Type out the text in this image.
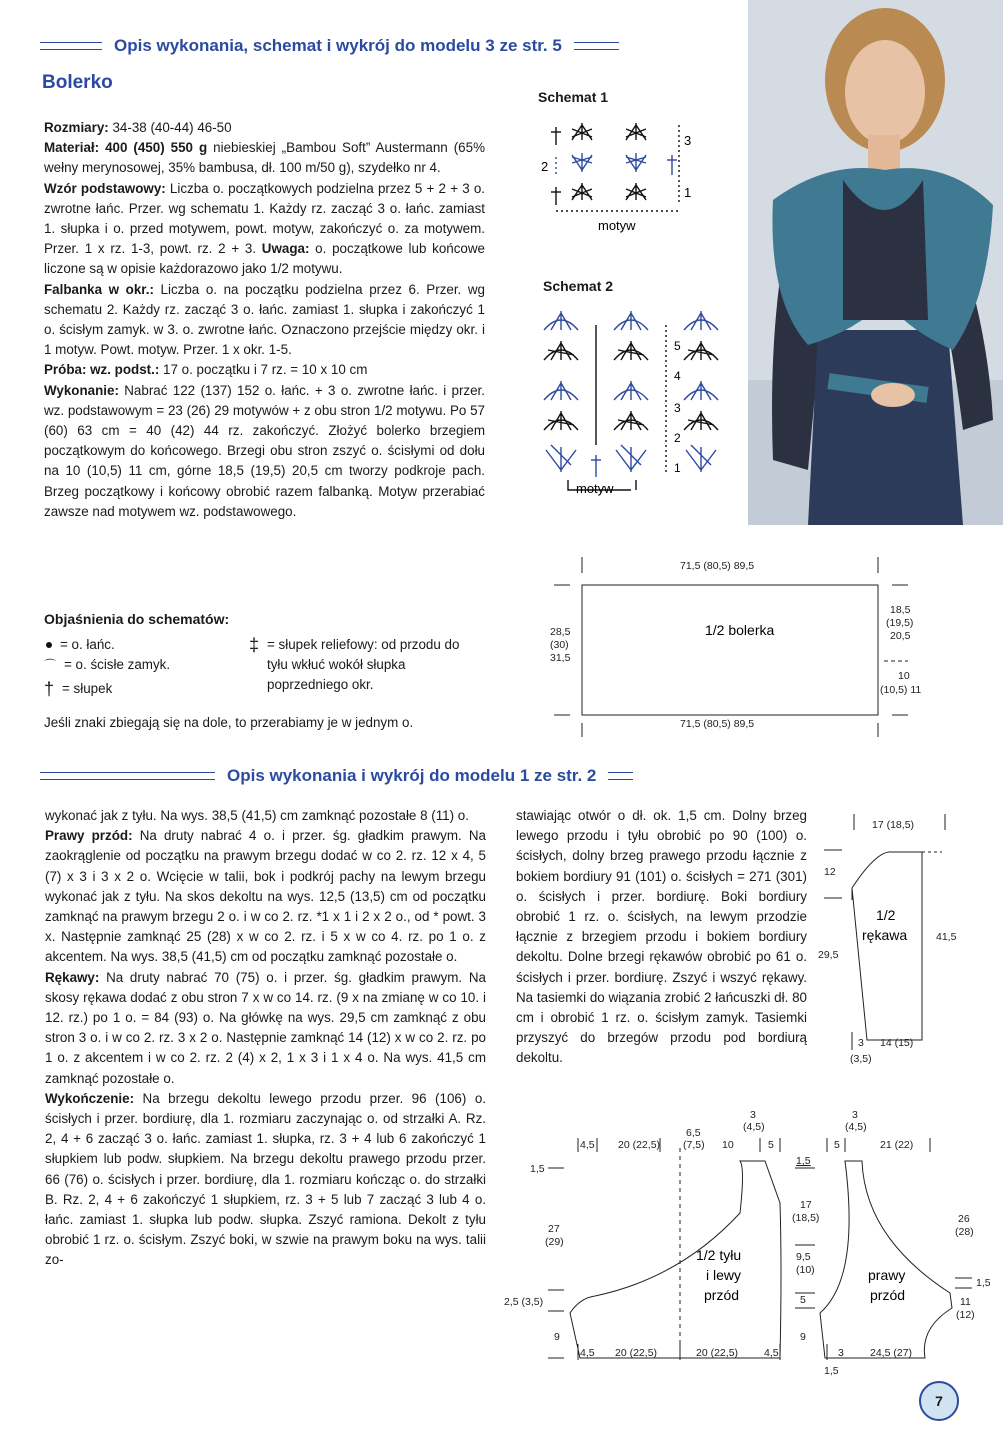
Opis wykonania, schemat i wykrój do modelu 3 ze str. 5
Bolerko

Rozmiary: 34-38 (40-44) 46-50

Materiał: 400 (450) 550 g niebieskiej „Bambou Soft” Austermann (65% wełny merynosowej, 35% bambusa, dł. 100 m/50 g), szydełko nr 4.

Wzór podstawowy: Liczba o. początkowych podzielna przez 5 + 2 + 3 o. zwrotne łańc. Przer. wg schematu 1. Każdy rz. zacząć 3 o. łańc. zamiast 1. słupka i o. przed motywem, powt. motyw, zakończyć o. za motywem. Przer. 1 x rz. 1-3, powt. rz. 2 + 3. Uwaga: o. początkowe lub końcowe liczone są w opisie każdorazowo jako 1/2 motywu.

Falbanka w okr.: Liczba o. na początku podzielna przez 6. Przer. wg schematu 2. Każdy rz. zacząć 3 o. łańc. zamiast 1. słupka i zakończyć 1 o. ścisłym zamyk. w 3. o. zwrotne łańc. Oznaczono przejście między okr. i 1 motyw. Powt. motyw. Przer. 1 x okr. 1-5.

Próba: wz. podst.: 17 o. początku i 7 rz. = 10 x 10 cm

Wykonanie: Nabrać 122 (137) 152 o. łańc. + 3 o. zwrotne łańc. i przer. wz. podstawowym = 23 (26) 29 motywów + z obu stron 1/2 motywu. Po 57 (60) 63 cm = 40 (42) 44 rz. zakończyć. Złożyć bolerko brzegiem początkowym do końcowego. Brzegi obu stron zszyć o. ścisłymi od dołu na 10 (10,5) 11 cm, górne 18,5 (19,5) 20,5 cm tworzy podkroje pach. Brzeg początkowy i końcowy obrobić razem falbanką. Motyw przerabiać zawsze nad motywem wz. podstawowego.

Objaśnienia do schematów:
= o. łańc.
⌒ = o. ścisłe zamyk.
† = słupek
‡ = słupek reliefowy: od przodu do tyłu wkłuć wokół słupka poprzedniego okr.
Jeśli znaki zbiegają się na dole, to przerabiamy je w jednym o.
Schemat 1
3
2
1
motyw
Schemat 2
5
4
3
2
1
motyw
71,5 (80,5) 89,5
71,5 (80,5) 89,5
1/2 bolerka
28,5
(30)
31,5
18,5
(19,5)
20,5
10
(10,5) 11
Opis wykonania i wykrój do modelu 1 ze str. 2

wykonać jak z tyłu. Na wys. 38,5 (41,5) cm zamknąć pozostałe 8 (11) o.

Prawy przód: Na druty nabrać 4 o. i przer. śg. gładkim prawym. Na zaokrąglenie od początku na prawym brzegu dodać w co 2. rz. 12 x 4, 5 (7) x 3 i 3 x 2 o. Wcięcie w talii, bok i podkrój pachy na lewym brzegu wykonać jak z tyłu. Na skos dekoltu na wys. 12,5 (13,5) cm od początku zamknąć na prawym brzegu 2 o. i w co 2. rz. *1 x 1 i 2 x 2 o., od * powt. 3 x. Następnie zamknąć 25 (28) x w co 2. rz. i 5 x w co 4. rz. po 1 o. z akcentem. Na wys. 38,5 (41,5) cm od początku zamknąć pozostałe o.

Rękawy: Na druty nabrać 70 (75) o. i przer. śg. gładkim prawym. Na skosy rękawa dodać z obu stron 7 x w co 14. rz. (9 x na zmianę w co 10. i 12. rz.) po 1 o. = 84 (93) o. Na główkę na wys. 29,5 cm zamknąć z obu stron 3 o. i w co 2. rz. 3 x 2 o. Następnie zamknąć 14 (12) x w co 2. rz. po 1 o. z akcentem i w co 2. rz. 2 (4) x 2, 1 x 3 i 1 x 4 o. Na wys. 41,5 cm zamknąć pozostałe o.

Wykończenie: Na brzegu dekoltu lewego przodu przer. 96 (106) o. ścisłych i przer. bordiurę, dla 1. rozmiaru zaczynając o. od strzałki A. Rz. 2, 4 + 6 zacząć 3 o. łańc. zamiast 1. słupka, rz. 3 + 4 lub 6 zakończyć 1 słupkiem lub podw. słupkiem. Na brzegu dekoltu prawego przodu przer. 66 (76) o. ścisłych i przer. bordiurę, dla 1. rozmiaru kończąc o. do strzałki B. Rz. 2, 4 + 6 zakończyć 1 słupkiem, rz. 3 + 5 lub 7 zacząć 3 lub 4 o. łańc. zamiast 1. słupka lub podw. słupka. Zszyć ramiona. Dekolt z tyłu obrobić 1 rz. o. ścisłym. Zszyć boki, w szwie na prawym boku na wys. talii zo-

stawiając otwór o dł. ok. 1,5 cm. Dolny brzeg lewego przodu i tyłu obrobić po 90 (100) o. ścisłych, dolny brzeg prawego przodu łącznie z bokiem bordiury 91 (101) o. ścisłych = 271 (301) o. ścisłych i przer. bordiurę. Boki bordiury obrobić 1 rz. o. ścisłych, na lewym przodzie łącznie z brzegiem przodu i bokiem bordiury dekoltu. Dolne brzegi rękawów obrobić po 61 o. ścisłych i przer. bordiurę. Zszyć i wszyć rękawy. Na tasiemki do wiązania zrobić 2 łańcuszki dł. 80 cm i obrobić 1 rz. o. ścisłym zamyk. Tasiemki przyszyć do brzegów przodu pod bordiurą dekoltu.

17 (18,5)
12
29,5
41,5
1/2
rękawa
3 14 (15)
(3,5)
4,5 20 (22,5)
6,5
(7,5) 10	5
3
(4,5)
3
(4,5)
5	21 (22)
1,5
27
(29)
2,5 (3,5)
9
1,5
17
(18,5)
9,5
(10)
5
9
26
(28)
1,5
11
(12)
1/2 tyłu
i lewy
przód
prawy
przód
4,5 20 (22,5)	20 (22,5) 4,5	3 24,5 (27)
1,5
7
